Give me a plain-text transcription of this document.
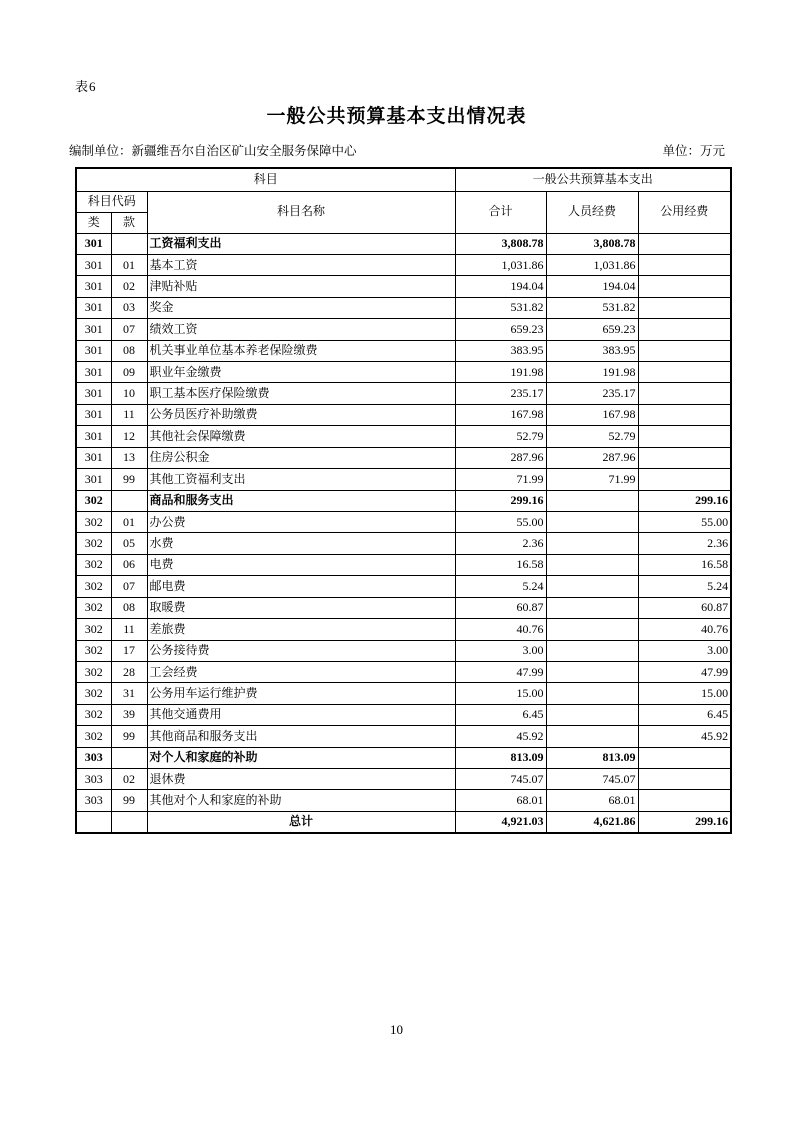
表6
一般公共预算基本支出情况表
编制单位：新疆维吾尔自治区矿山安全服务保障中心	单位：万元
科目			一般公共预算基本支出		
科目代码		科目名称	合计	人员经费	公用经费
类	款				
301		工资福利支出	3,808.78	3,808.78	
301	01	基本工资	1,031.86	1,031.86	
301	02	津贴补贴	194.04	194.04	
301	03	奖金	531.82	531.82	
301	07	绩效工资	659.23	659.23	
301	08	机关事业单位基本养老保险缴费	383.95	383.95	
301	09	职业年金缴费	191.98	191.98	
301	10	职工基本医疗保险缴费	235.17	235.17	
301	11	公务员医疗补助缴费	167.98	167.98	
301	12	其他社会保障缴费	52.79	52.79	
301	13	住房公积金	287.96	287.96	
301	99	其他工资福利支出	71.99	71.99	
302		商品和服务支出	299.16		299.16
302	01	办公费	55.00		55.00
302	05	水费	2.36		2.36
302	06	电费	16.58		16.58
302	07	邮电费	5.24		5.24
302	08	取暖费	60.87		60.87
302	11	差旅费	40.76		40.76
302	17	公务接待费	3.00		3.00
302	28	工会经费	47.99		47.99
302	31	公务用车运行维护费	15.00		15.00
302	39	其他交通费用	6.45		6.45
302	99	其他商品和服务支出	45.92		45.92
303		对个人和家庭的补助	813.09	813.09	
303	02	退休费	745.07	745.07	
303	99	其他对个人和家庭的补助	68.01	68.01	
		总计	4,921.03	4,621.86	299.16
10
